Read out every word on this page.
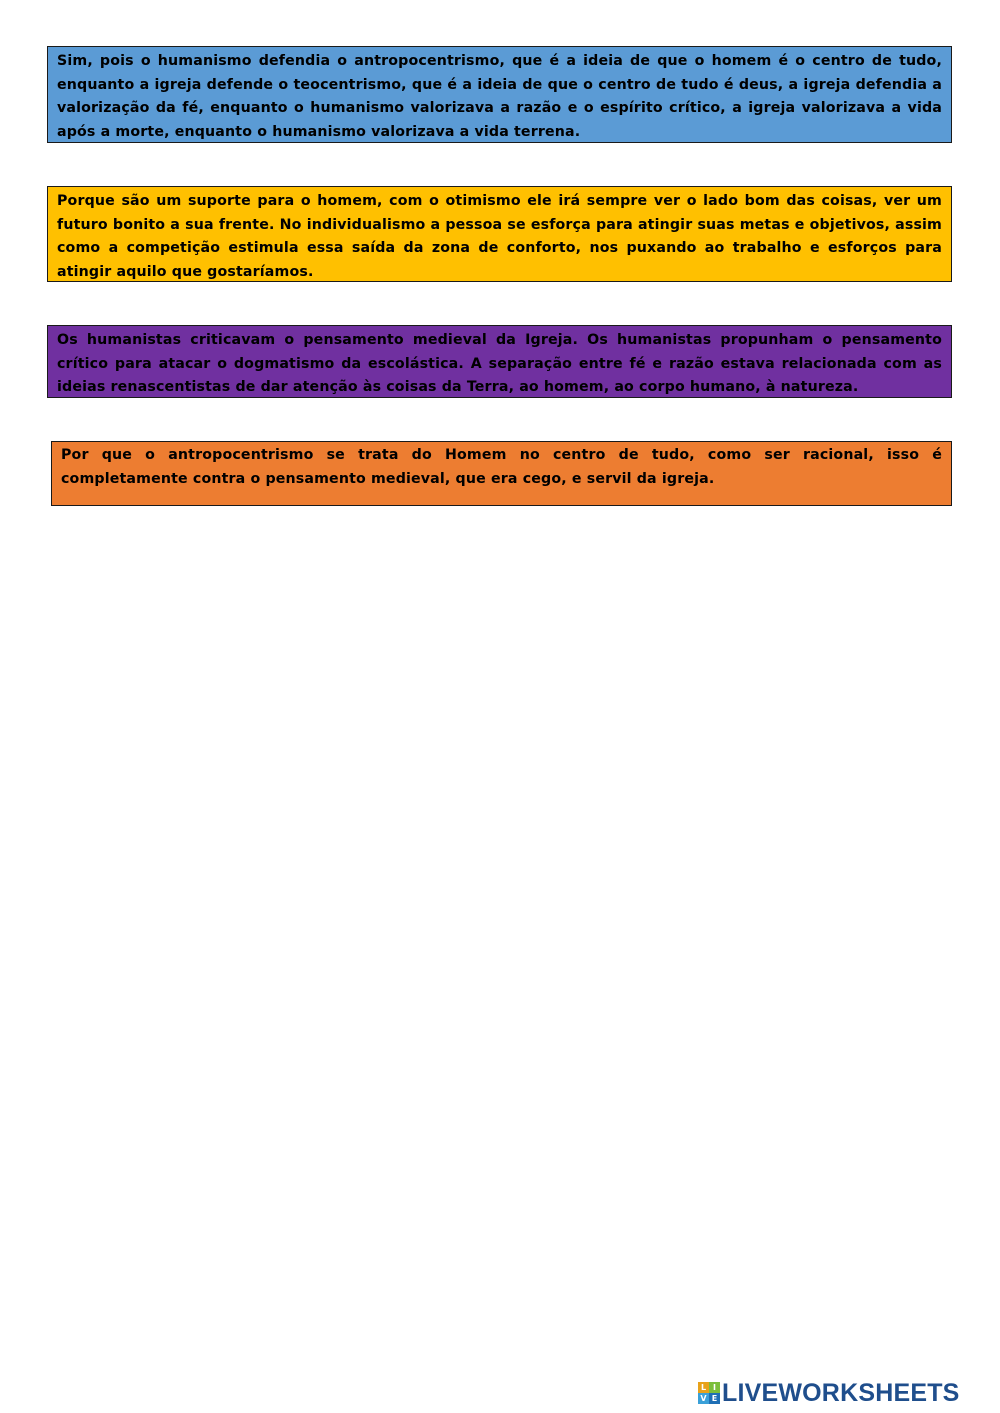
Sim, pois o humanismo defendia o antropocentrismo, que é a ideia de que o homem é o centro de tudo, enquanto a igreja defende o teocentrismo, que é a ideia de que o centro de tudo é deus, a igreja defendia a valorização da fé, enquanto o humanismo valorizava a razão e o espírito crítico, a igreja valorizava a vida após a morte, enquanto o humanismo valorizava a vida terrena.
Porque são um suporte para o homem, com o otimismo ele irá sempre ver o lado bom das coisas, ver um futuro bonito a sua frente. No individualismo a pessoa se esforça para atingir suas metas e objetivos, assim como a competição estimula essa saída da zona de conforto, nos puxando ao trabalho e esforços para atingir aquilo que gostaríamos.
Os humanistas criticavam o pensamento medieval da Igreja. Os humanistas propunham o pensamento crítico para atacar o dogmatismo da escolástica. A separação entre fé e razão estava relacionada com as ideias renascentistas de dar atenção às coisas da Terra, ao homem, ao corpo humano, à natureza.
Por que o antropocentrismo se trata do Homem no centro de tudo, como ser racional, isso é completamente contra o pensamento medieval, que era cego, e servil da igreja.
L I
V E LIVEWORKSHEETS
